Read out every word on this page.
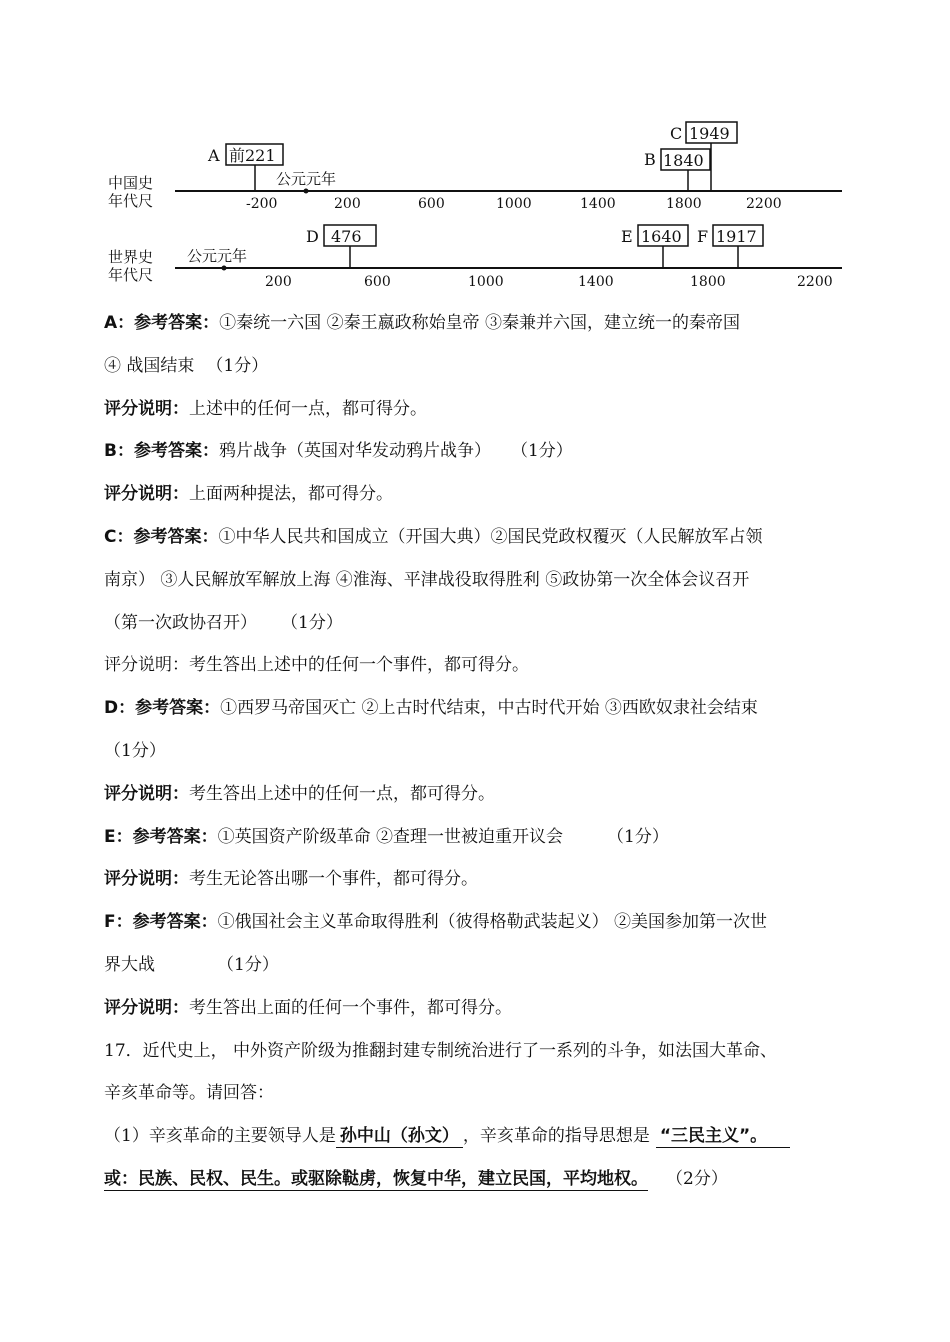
中国史
年代尺
公元元年
-200	200	600	1000	1400	1800	2200
A 前221	B 1840
C 1949
世界史
年代尺
公元元年
200	600	1000	1400	1800	2200
D 476	E 1640 F 1917
A：参考答案：①秦统一六国 ②秦王嬴政称始皇帝 ③秦兼并六国，建立统一的秦帝国
④ 战国结束 （1分）
评分说明：上述中的任何一点，都可得分。
B：参考答案：鸦片战争（英国对华发动鸦片战争） （1分）
评分说明：上面两种提法，都可得分。
C：参考答案：①中华人民共和国成立（开国大典）②国民党政权覆灭（人民解放军占领
南京） ③人民解放军解放上海 ④淮海、平津战役取得胜利 ⑤政协第一次全体会议召开
（第一次政协召开） （1分）
评分说明：考生答出上述中的任何一个事件，都可得分。
D：参考答案：①西罗马帝国灭亡 ②上古时代结束，中古时代开始 ③西欧奴隶社会结束
（1分）
评分说明：考生答出上述中的任何一点，都可得分。
E：参考答案：①英国资产阶级革命 ②查理一世被迫重开议会	（1分）
评分说明：考生无论答出哪一个事件，都可得分。
F：参考答案：①俄国社会主义革命取得胜利（彼得格勒武装起义） ②美国参加第一次世
界大战	（1分）
评分说明：考生答出上面的任何一个事件，都可得分。
17．近代史上， 中外资产阶级为推翻封建专制统治进行了一系列的斗争，如法国大革命、
辛亥革命等。请回答：
（1）辛亥革命的主要领导人是 孙中山（孙文） ，辛亥革命的指导思想是 “三民主义”。
或：民族、民权、民生。或驱除鞑虏，恢复中华，建立民国，平均地权。 （2分）
